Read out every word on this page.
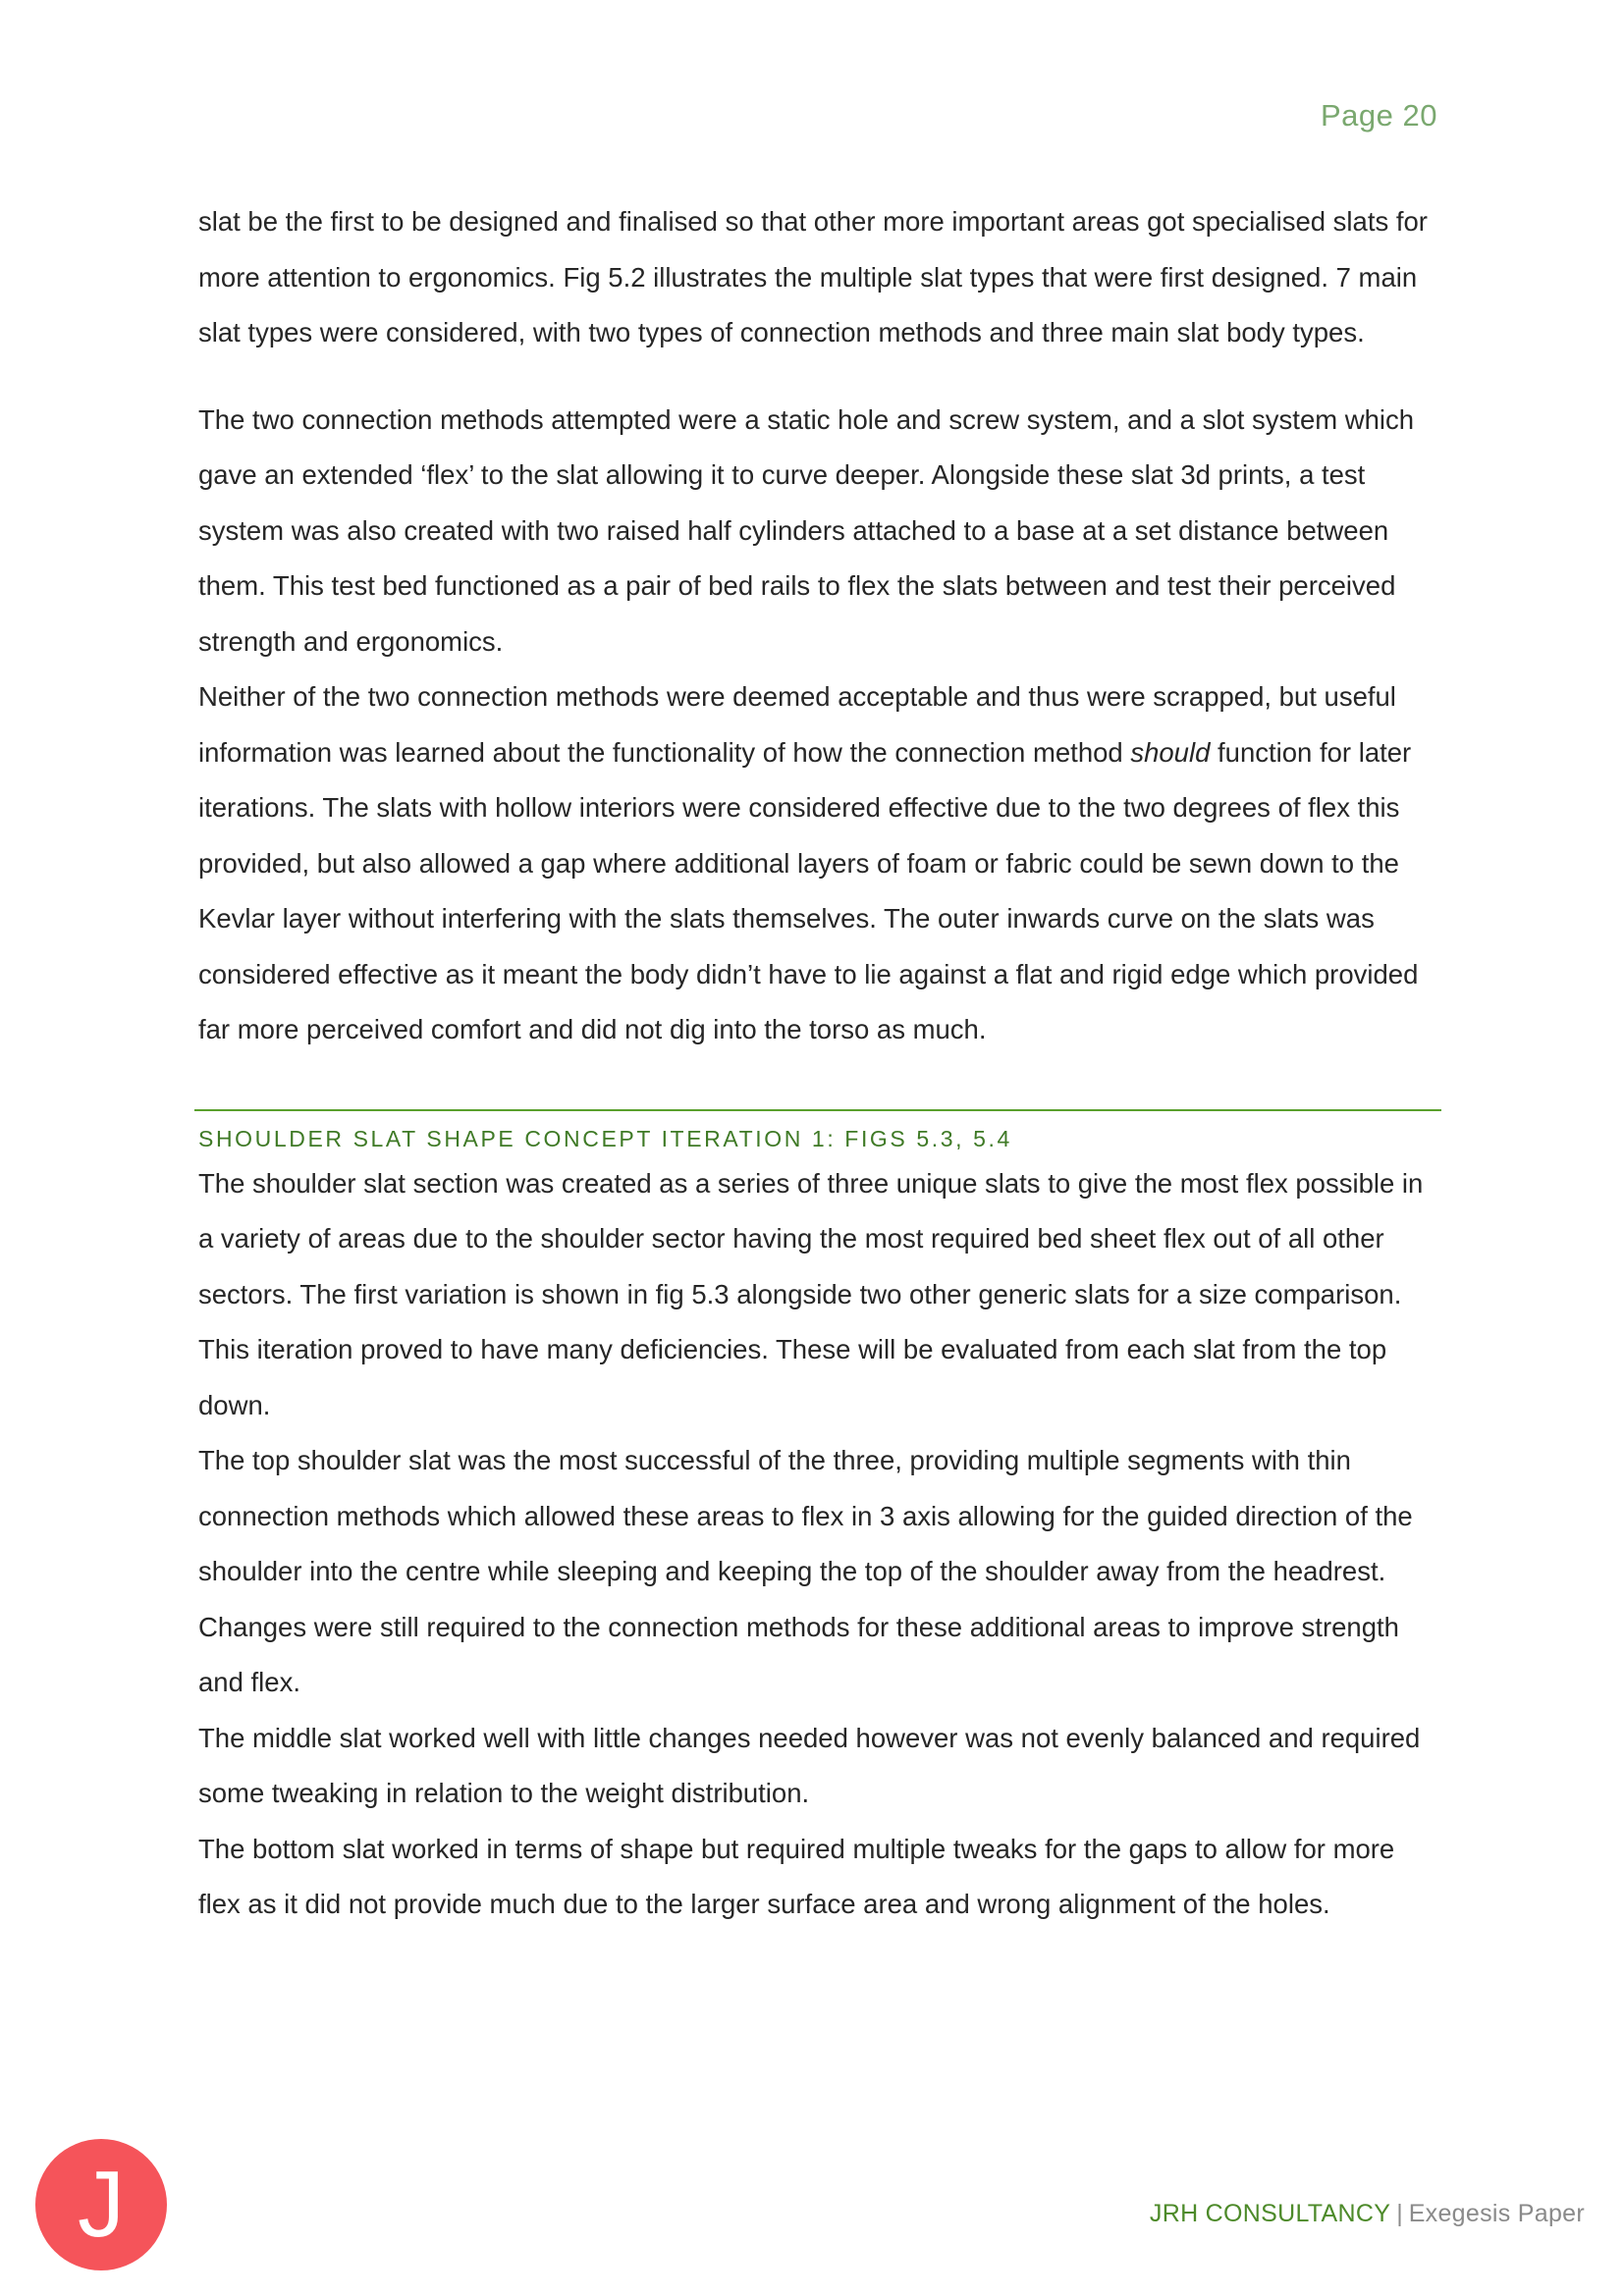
Page 20

slat be the first to be designed and finalised so that other more important areas got specialised slats for more attention to ergonomics. Fig 5.2 illustrates the multiple slat types that were first designed. 7 main slat types were considered, with two types of connection methods and three main slat body types.

The two connection methods attempted were a static hole and screw system, and a slot system which gave an extended ‘flex’ to the slat allowing it to curve deeper. Alongside these slat 3d prints, a test system was also created with two raised half cylinders attached to a base at a set distance between them. This test bed functioned as a pair of bed rails to flex the slats between and test their perceived strength and ergonomics.

Neither of the two connection methods were deemed acceptable and thus were scrapped, but useful information was learned about the functionality of how the connection method should function for later iterations. The slats with hollow interiors were considered effective due to the two degrees of flex this provided, but also allowed a gap where additional layers of foam or fabric could be sewn down to the Kevlar layer without interfering with the slats themselves. The outer inwards curve on the slats was considered effective as it meant the body didn’t have to lie against a flat and rigid edge which provided far more perceived comfort and did not dig into the torso as much.

SHOULDER SLAT SHAPE CONCEPT ITERATION 1: FIGS 5.3, 5.4

The shoulder slat section was created as a series of three unique slats to give the most flex possible in a variety of areas due to the shoulder sector having the most required bed sheet flex out of all other sectors. The first variation is shown in fig 5.3 alongside two other generic slats for a size comparison. This iteration proved to have many deficiencies. These will be evaluated from each slat from the top down.

The top shoulder slat was the most successful of the three, providing multiple segments with thin connection methods which allowed these areas to flex in 3 axis allowing for the guided direction of the shoulder into the centre while sleeping and keeping the top of the shoulder away from the headrest. Changes were still required to the connection methods for these additional areas to improve strength and flex.

The middle slat worked well with little changes needed however was not evenly balanced and required some tweaking in relation to the weight distribution.

The bottom slat worked in terms of shape but required multiple tweaks for the gaps to allow for more flex as it did not provide much due to the larger surface area and wrong alignment of the holes.

J	JRH CONSULTANCY | Exegesis Paper
